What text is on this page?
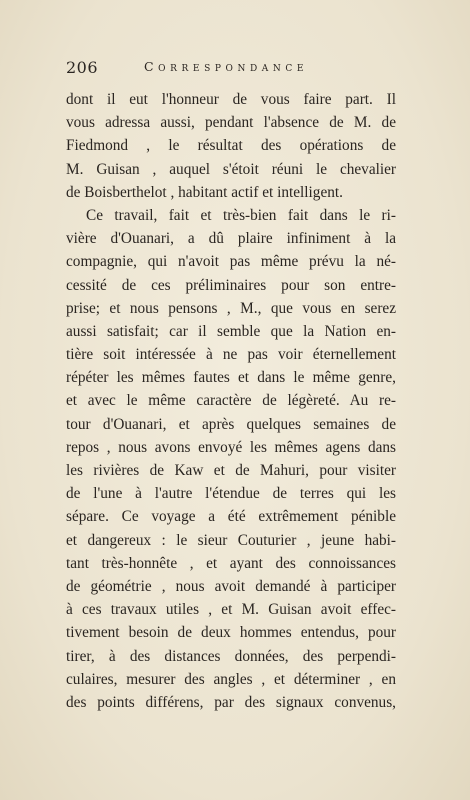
206	Correspondance
dont il eut l'honneur de vous faire part. Il
vous adressa aussi, pendant l'absence de M. de
Fiedmond , le résultat des opérations de
M. Guisan , auquel s'étoit réuni le chevalier
de Boisberthelot , habitant actif et intelligent.
Ce travail, fait et très-bien fait dans le ri-
vière d'Ouanari, a dû plaire infiniment à la
compagnie, qui n'avoit pas même prévu la né-
cessité de ces préliminaires pour son entre-
prise; et nous pensons , M., que vous en serez
aussi satisfait; car il semble que la Nation en-
tière soit intéressée à ne pas voir éternellement
répéter les mêmes fautes et dans le même genre,
et avec le même caractère de légèreté. Au re-
tour d'Ouanari, et après quelques semaines de
repos , nous avons envoyé les mêmes agens dans
les rivières de Kaw et de Mahuri, pour visiter
de l'une à l'autre l'étendue de terres qui les
sépare. Ce voyage a été extrêmement pénible
et dangereux : le sieur Couturier , jeune habi-
tant très-honnête , et ayant des connoissances
de géométrie , nous avoit demandé à participer
à ces travaux utiles , et M. Guisan avoit effec-
tivement besoin de deux hommes entendus, pour
tirer, à des distances données, des perpendi-
culaires, mesurer des angles , et déterminer , en
des points différens, par des signaux convenus,
